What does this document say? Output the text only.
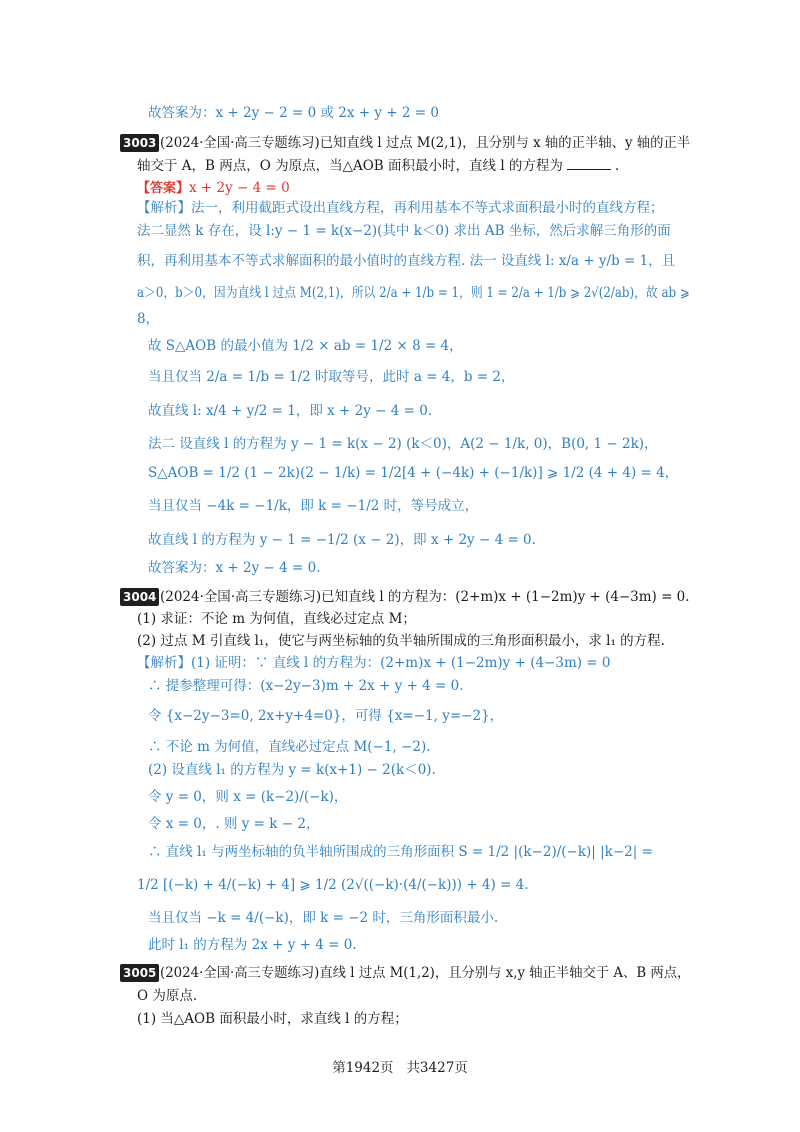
故答案为：x + 2y − 2 = 0 或 2x + y + 2 = 0
3003 (2024·全国·高三专题练习)已知直线 l 过点 M(2,1)，且分别与 x 轴的正半轴、y 轴的正半
轴交于 A，B 两点，O 为原点，当△AOB 面积最小时，直线 l 的方程为	.
【答案】x + 2y − 4 = 0
【解析】法一，利用截距式设出直线方程，再利用基本不等式求面积最小时的直线方程；
法二显然 k 存在，设 l:y − 1 = k(x−2)(其中 k＜0) 求出 AB 坐标，然后求解三角形的面
积，再利用基本不等式求解面积的最小值时的直线方程. 法一 设直线 l: x/a + y/b = 1，且
a＞0，b＞0，因为直线 l 过点 M(2,1)，所以 2/a + 1/b = 1，则 1 = 2/a + 1/b ⩾ 2√(2/ab)，故 ab ⩾
8，
故 S△AOB 的最小值为 1/2 × ab = 1/2 × 8 = 4，
当且仅当 2/a = 1/b = 1/2 时取等号，此时 a = 4，b = 2，
故直线 l: x/4 + y/2 = 1，即 x + 2y − 4 = 0.
法二 设直线 l 的方程为 y − 1 = k(x − 2) (k＜0)，A(2 − 1/k, 0)，B(0, 1 − 2k)，
S△AOB = 1/2 (1 − 2k)(2 − 1/k) = 1/2[4 + (−4k) + (−1/k)] ⩾ 1/2 (4 + 4) = 4，
当且仅当 −4k = −1/k，即 k = −1/2 时，等号成立，
故直线 l 的方程为 y − 1 = −1/2 (x − 2)，即 x + 2y − 4 = 0.
故答案为：x + 2y − 4 = 0.
3004 (2024·全国·高三专题练习)已知直线 l 的方程为：(2+m)x + (1−2m)y + (4−3m) = 0.
(1) 求证：不论 m 为何值，直线必过定点 M；
(2) 过点 M 引直线 l₁，使它与两坐标轴的负半轴所围成的三角形面积最小，求 l₁ 的方程.
【解析】(1) 证明：∵ 直线 l 的方程为：(2+m)x + (1−2m)y + (4−3m) = 0
∴ 提参整理可得：(x−2y−3)m + 2x + y + 4 = 0.
令 {x−2y−3=0, 2x+y+4=0}，可得 {x=−1, y=−2}，
∴ 不论 m 为何值，直线必过定点 M(−1, −2).
(2) 设直线 l₁ 的方程为 y = k(x+1) − 2(k＜0).
令 y = 0，则 x = (k−2)/(−k)，
令 x = 0，. 则 y = k − 2，
∴ 直线 l₁ 与两坐标轴的负半轴所围成的三角形面积 S = 1/2 |(k−2)/(−k)| |k−2| =
1/2 [(−k) + 4/(−k) + 4] ⩾ 1/2 (2√((−k)·(4/(−k))) + 4) = 4.
当且仅当 −k = 4/(−k)，即 k = −2 时，三角形面积最小.
此时 l₁ 的方程为 2x + y + 4 = 0.
3005 (2024·全国·高三专题练习)直线 l 过点 M(1,2)，且分别与 x,y 轴正半轴交于 A、B 两点，
O 为原点.
(1) 当△AOB 面积最小时，求直线 l 的方程；
第1942页 共3427页
